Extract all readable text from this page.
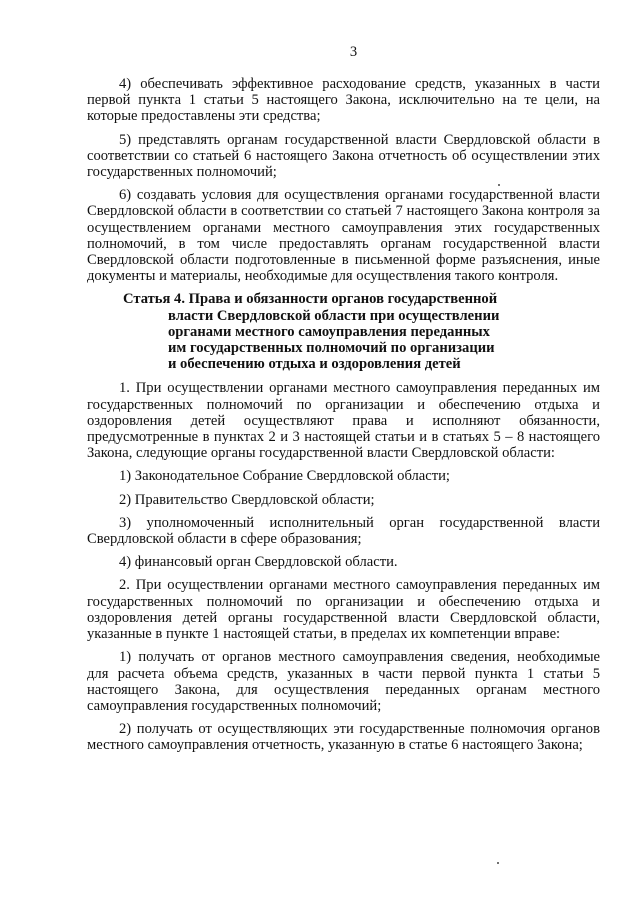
3

4) обеспечивать эффективное расходование средств, указанных в части первой пункта 1 статьи 5 настоящего Закона, исключительно на те цели, на которые предоставлены эти средства;

5) представлять органам государственной власти Свердловской области в соответствии со статьей 6 настоящего Закона отчетность об осуществлении этих государственных полномочий;

6) создавать условия для осуществления органами государственной власти Свердловской области в соответствии со статьей 7 настоящего Закона контроля за осуществлением органами местного самоуправления этих государственных полномочий, в том числе предоставлять органам государственной власти Свердловской области подготовленные в письменной форме разъяснения, иные документы и материалы, необходимые для осуществления такого контроля.

Статья 4. Права и обязанности органов государственной
власти Свердловской области при осуществлении
органами местного самоуправления переданных
им государственных полномочий по организации
и обеспечению отдыха и оздоровления детей

1. При осуществлении органами местного самоуправления переданных им государственных полномочий по организации и обеспечению отдыха и оздоровления детей осуществляют права и исполняют обязанности, предусмотренные в пунктах 2 и 3 настоящей статьи и в статьях 5 – 8 настоящего Закона, следующие органы государственной власти Свердловской области:

1) Законодательное Собрание Свердловской области;

2) Правительство Свердловской области;

3) уполномоченный исполнительный орган государственной власти Свердловской области в сфере образования;

4) финансовый орган Свердловской области.

2. При осуществлении органами местного самоуправления переданных им государственных полномочий по организации и обеспечению отдыха и оздоровления детей органы государственной власти Свердловской области, указанные в пункте 1 настоящей статьи, в пределах их компетенции вправе:

1) получать от органов местного самоуправления сведения, необходимые для расчета объема средств, указанных в части первой пункта 1 статьи 5 настоящего Закона, для осуществления переданных органам местного самоуправления государственных полномочий;

2) получать от осуществляющих эти государственные полномочия органов местного самоуправления отчетность, указанную в статье 6 настоящего Закона;
